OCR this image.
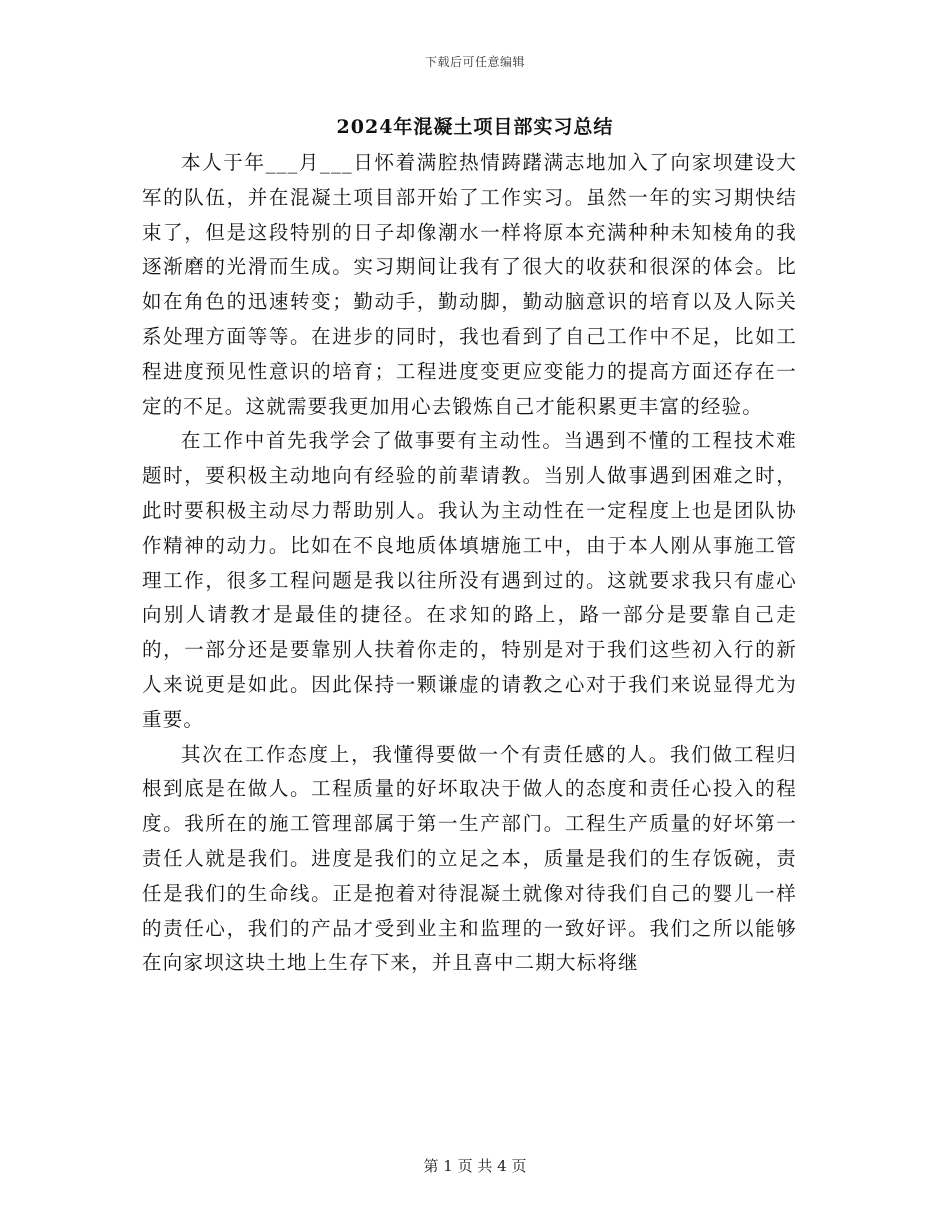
下载后可任意编辑
2024年混凝土项目部实习总结

本人于年___月___日怀着满腔热情踌躇满志地加入了向家坝建设大军的队伍，并在混凝土项目部开始了工作实习。虽然一年的实习期快结束了，但是这段特别的日子却像潮水一样将原本充满种种未知棱角的我逐渐磨的光滑而生成。实习期间让我有了很大的收获和很深的体会。比如在角色的迅速转变；勤动手，勤动脚，勤动脑意识的培育以及人际关系处理方面等等。在进步的同时，我也看到了自己工作中不足，比如工程进度预见性意识的培育；工程进度变更应变能力的提高方面还存在一定的不足。这就需要我更加用心去锻炼自己才能积累更丰富的经验。

在工作中首先我学会了做事要有主动性。当遇到不懂的工程技术难题时，要积极主动地向有经验的前辈请教。当别人做事遇到困难之时，此时要积极主动尽力帮助别人。我认为主动性在一定程度上也是团队协作精神的动力。比如在不良地质体填塘施工中，由于本人刚从事施工管理工作，很多工程问题是我以往所没有遇到过的。这就要求我只有虚心向别人请教才是最佳的捷径。在求知的路上，路一部分是要靠自己走的，一部分还是要靠别人扶着你走的，特别是对于我们这些初入行的新人来说更是如此。因此保持一颗谦虚的请教之心对于我们来说显得尤为重要。

其次在工作态度上，我懂得要做一个有责任感的人。我们做工程归根到底是在做人。工程质量的好坏取决于做人的态度和责任心投入的程度。我所在的施工管理部属于第一生产部门。工程生产质量的好坏第一责任人就是我们。进度是我们的立足之本，质量是我们的生存饭碗，责任是我们的生命线。正是抱着对待混凝土就像对待我们自己的婴儿一样的责任心，我们的产品才受到业主和监理的一致好评。我们之所以能够在向家坝这块土地上生存下来，并且喜中二期大标将继

第 1 页 共 4 页
